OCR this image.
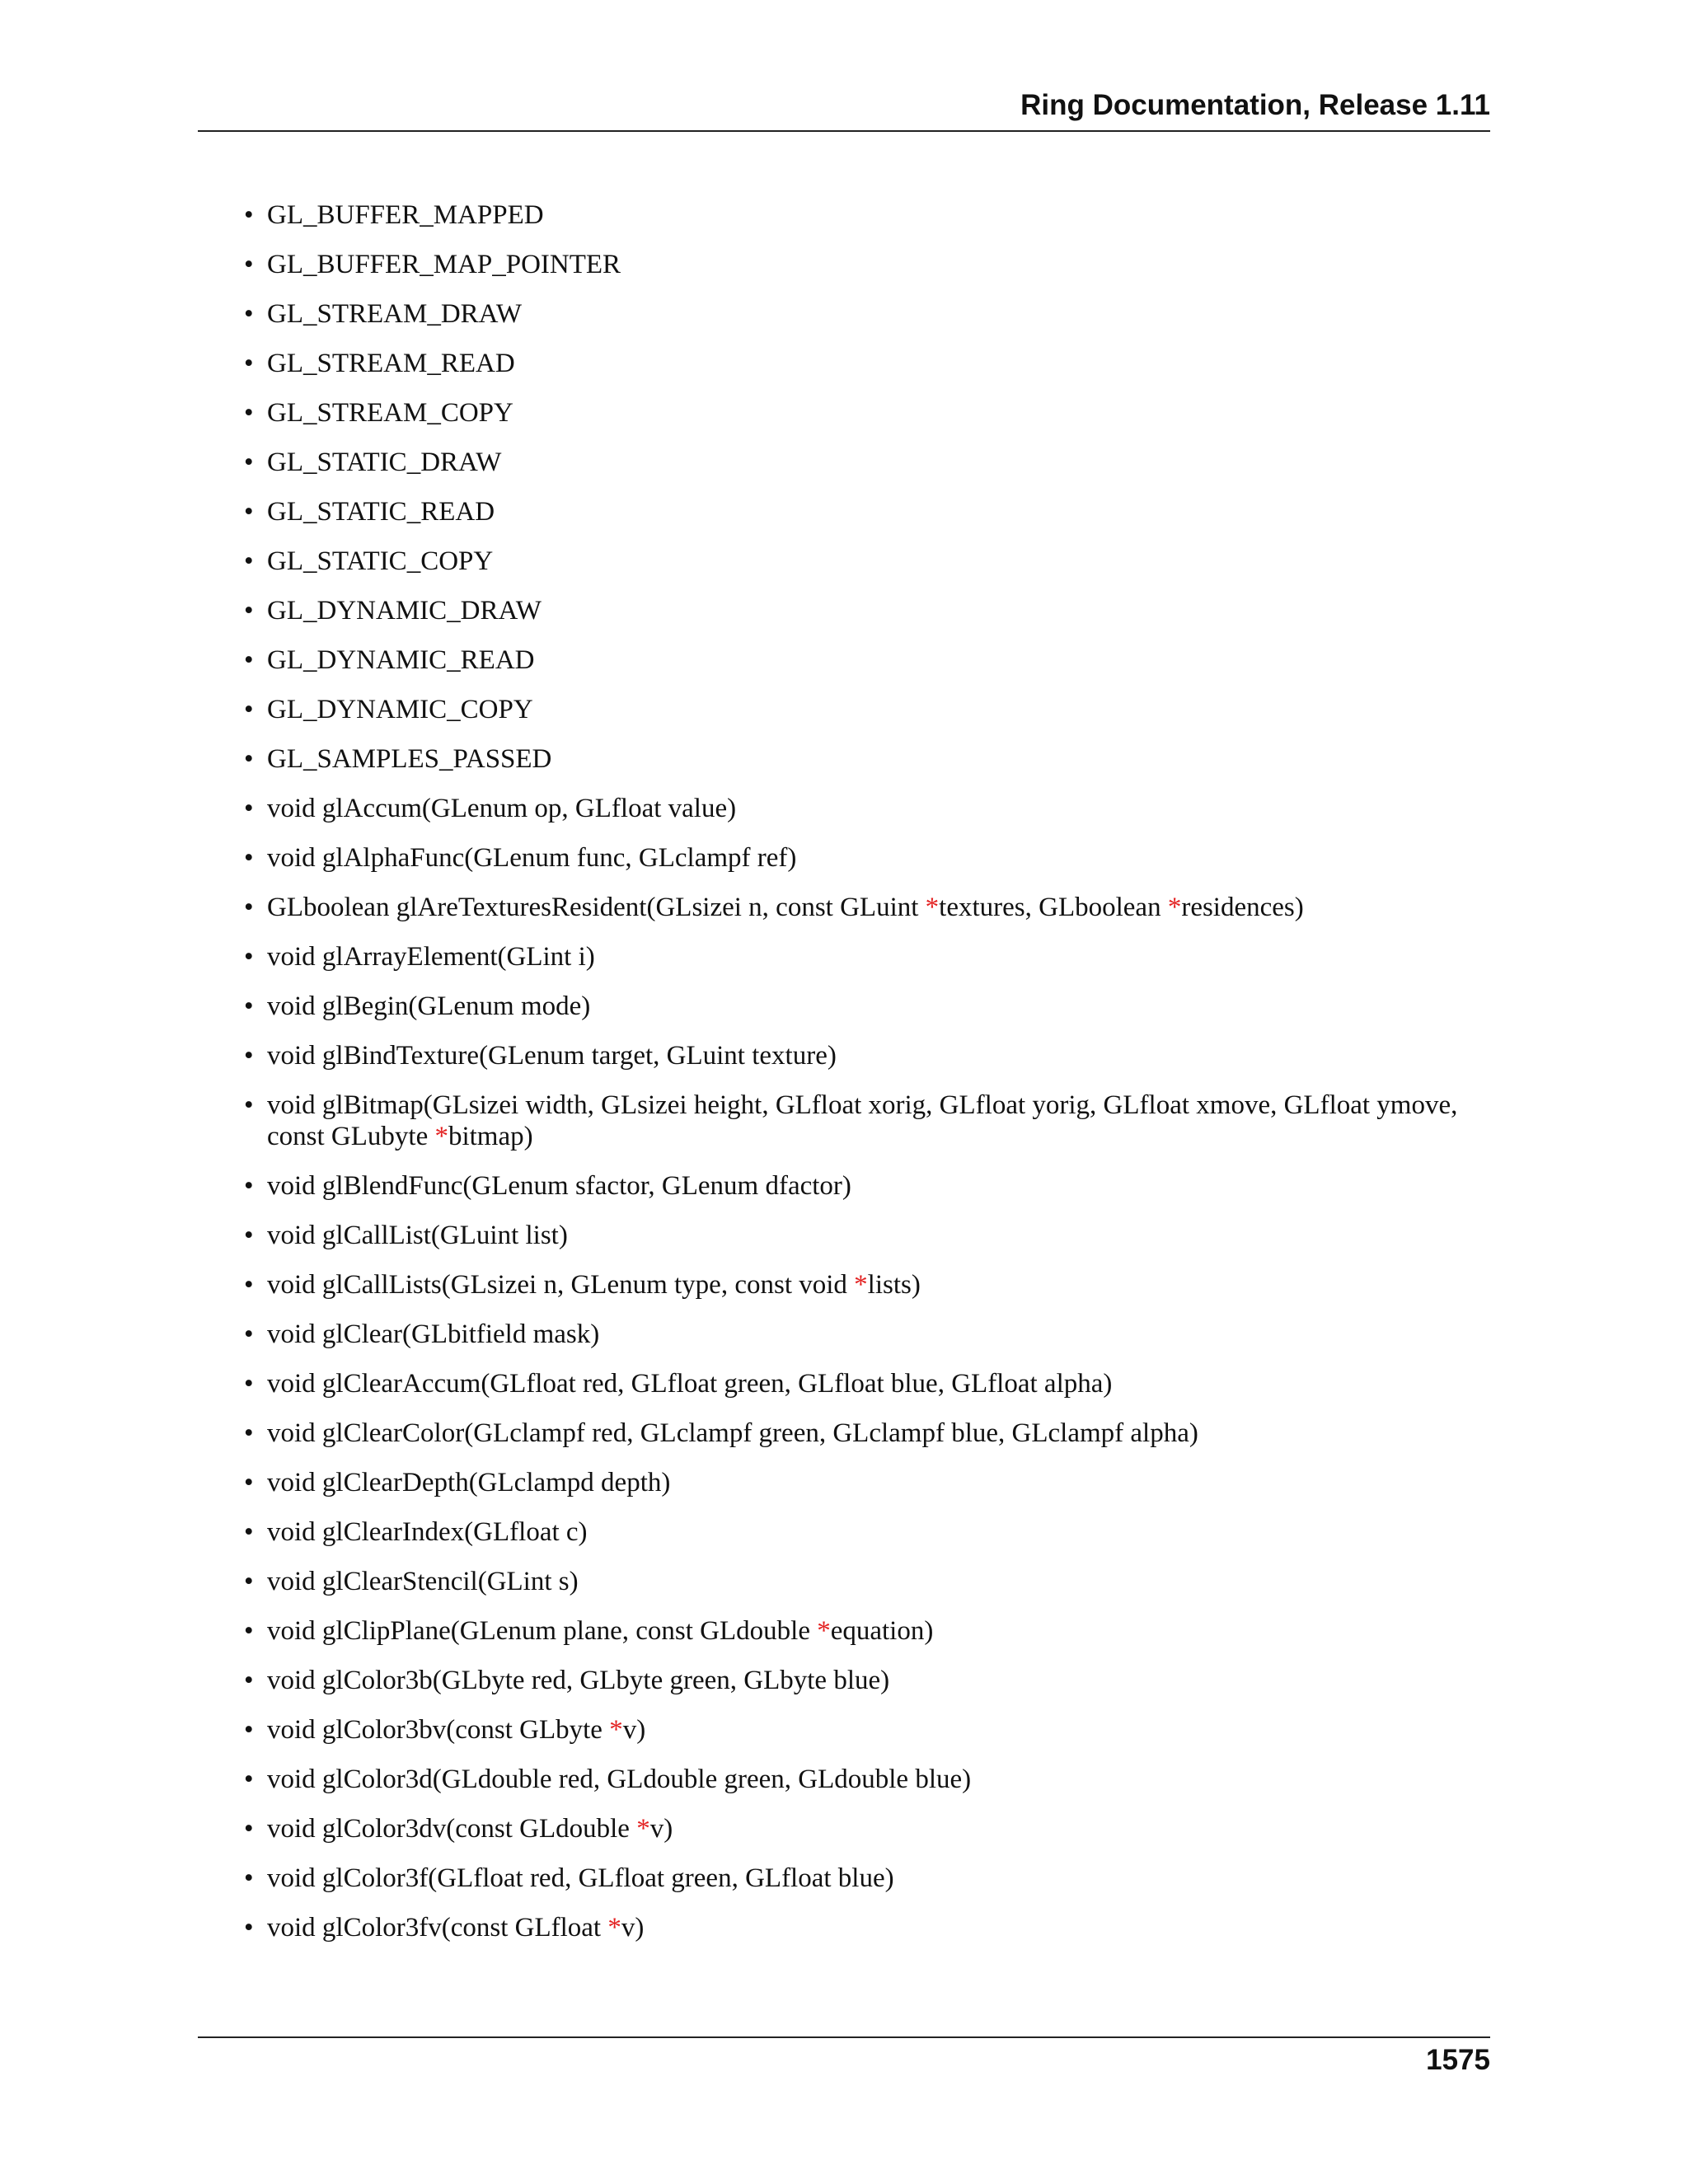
Ring Documentation, Release 1.11
• GL_BUFFER_MAPPED
• GL_BUFFER_MAP_POINTER
• GL_STREAM_DRAW
• GL_STREAM_READ
• GL_STREAM_COPY
• GL_STATIC_DRAW
• GL_STATIC_READ
• GL_STATIC_COPY
• GL_DYNAMIC_DRAW
• GL_DYNAMIC_READ
• GL_DYNAMIC_COPY
• GL_SAMPLES_PASSED
• void glAccum(GLenum op, GLfloat value)
• void glAlphaFunc(GLenum func, GLclampf ref)
• GLboolean glAreTexturesResident(GLsizei n, const GLuint *textures, GLboolean *residences)
• void glArrayElement(GLint i)
• void glBegin(GLenum mode)
• void glBindTexture(GLenum target, GLuint texture)
• void glBitmap(GLsizei width, GLsizei height, GLfloat xorig, GLfloat yorig, GLfloat xmove, GLfloat ymove, const GLubyte *bitmap)
• void glBlendFunc(GLenum sfactor, GLenum dfactor)
• void glCallList(GLuint list)
• void glCallLists(GLsizei n, GLenum type, const void *lists)
• void glClear(GLbitfield mask)
• void glClearAccum(GLfloat red, GLfloat green, GLfloat blue, GLfloat alpha)
• void glClearColor(GLclampf red, GLclampf green, GLclampf blue, GLclampf alpha)
• void glClearDepth(GLclampd depth)
• void glClearIndex(GLfloat c)
• void glClearStencil(GLint s)
• void glClipPlane(GLenum plane, const GLdouble *equation)
• void glColor3b(GLbyte red, GLbyte green, GLbyte blue)
• void glColor3bv(const GLbyte *v)
• void glColor3d(GLdouble red, GLdouble green, GLdouble blue)
• void glColor3dv(const GLdouble *v)
• void glColor3f(GLfloat red, GLfloat green, GLfloat blue)
• void glColor3fv(const GLfloat *v)
1575
